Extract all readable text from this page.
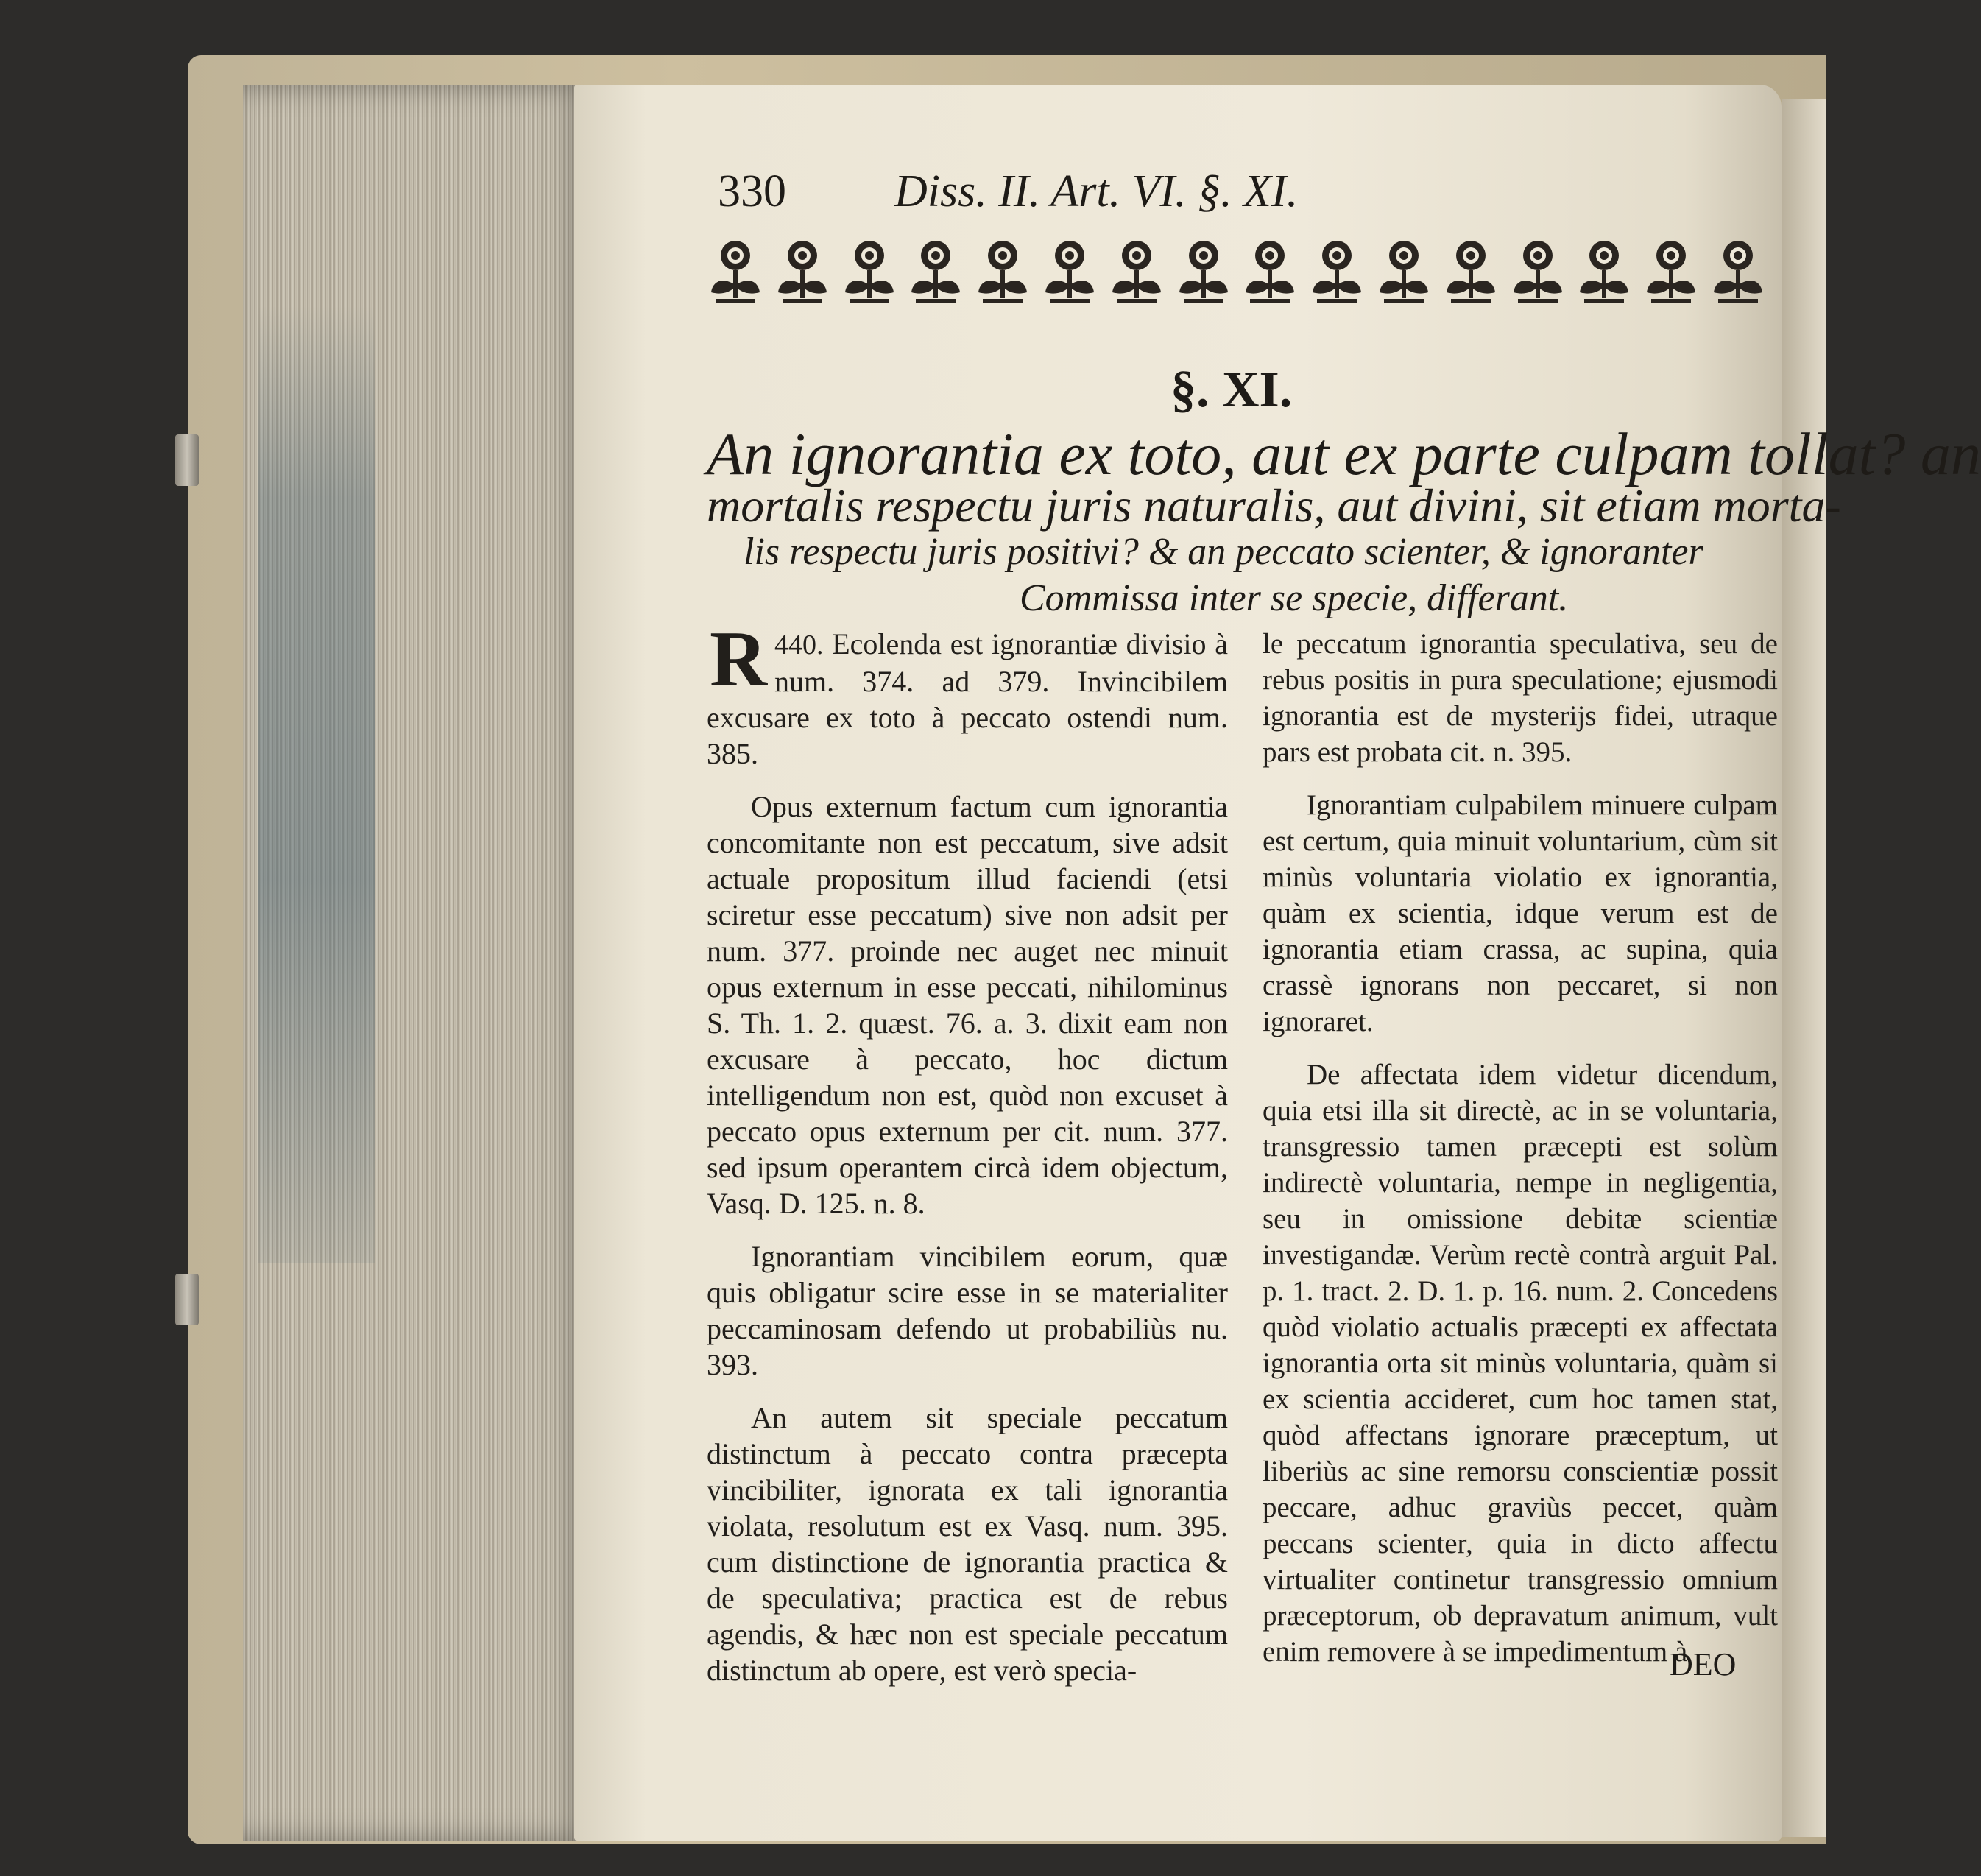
330 Diss. II. Art. VI. §. XI.
§. XI.
An ignorantia ex toto, aut ex parte culpam tollat? an
mortalis respectu juris naturalis, aut divini, sit etiam morta-
lis respectu juris positivi? & an peccato scienter, & ignoranter
Commissa inter se specie, differant.

440.
R Ecolenda est ignorantiæ divisio à num. 374. ad 379. Invincibilem excusare ex toto à peccato ostendi num. 385.

Opus externum factum cum ignorantia concomitante non est peccatum, sive adsit actuale propositum illud faciendi (etsi sciretur esse peccatum) sive non adsit per num. 377. proinde nec auget nec minuit opus externum in esse peccati, nihilominus S. Th. 1. 2. quæst. 76. a. 3. dixit eam non excusare à peccato, hoc dictum intelligendum non est, quòd non excuset à peccato opus externum per cit. num. 377. sed ipsum operantem circà idem objectum, Vasq. D. 125. n. 8.

Ignorantiam vincibilem eorum, quæ quis obligatur scire esse in se materialiter peccaminosam defendo ut probabiliùs nu. 393.

An autem sit speciale peccatum distinctum à peccato contra præcepta vincibiliter, ignorata ex tali ignorantia violata, resolutum est ex Vasq. num. 395. cum distinctione de ignorantia practica & de speculativa; practica est de rebus agendis, & hæc non est speciale peccatum distinctum ab opere, est verò specia-

le peccatum ignorantia speculativa, seu de rebus positis in pura speculatione; ejusmodi ignorantia est de mysterijs fidei, utraque pars est probata cit. n. 395.

Ignorantiam culpabilem minuere culpam est certum, quia minuit voluntarium, cùm sit minùs voluntaria violatio ex ignorantia, quàm ex scientia, idque verum est de ignorantia etiam crassa, ac supina, quia crassè ignorans non peccaret, si non ignoraret.

De affectata idem videtur dicendum, quia etsi illa sit directè, ac in se voluntaria, transgressio tamen præcepti est solùm indirectè voluntaria, nempe in negligentia, seu in omissione debitæ scientiæ investigandæ. Verùm rectè contrà arguit Pal. p. 1. tract. 2. D. 1. p. 16. num. 2. Concedens quòd violatio actualis præcepti ex affectata ignorantia orta sit minùs voluntaria, quàm si ex scientia accideret, cum hoc tamen stat, quòd affectans ignorare præceptum, ut liberiùs ac sine remorsu conscientiæ possit peccare, adhuc graviùs peccet, quàm peccans scienter, quia in dicto affectu virtualiter continetur transgressio omnium præceptorum, ob depravatum animum, vult enim removere à se impedimentum à

DEO
